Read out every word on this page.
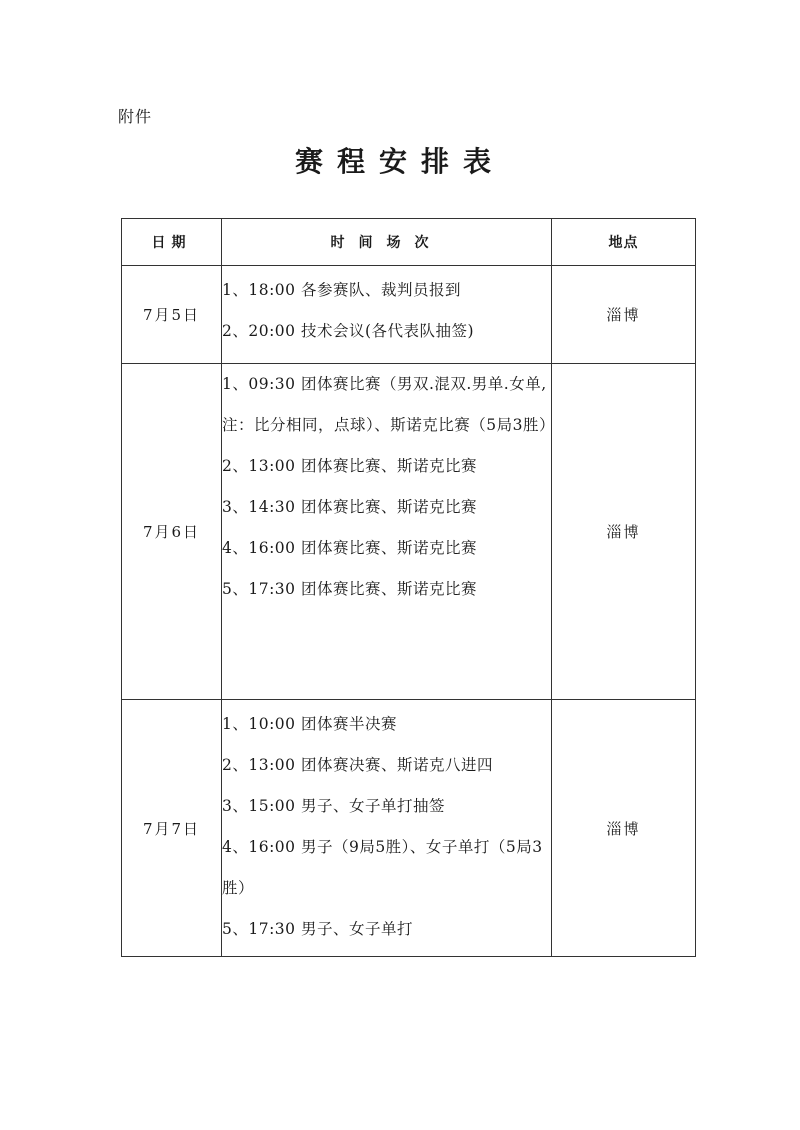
附件
赛程安排表
日期	时间场次	地点
7月5日	1、18:00 各参赛队、裁判员报到
2、20:00 技术会议(各代表队抽签)	淄博
7月6日	1、09:30 团体赛比赛（男双.混双.男单.女单,注：比分相同，点球）、斯诺克比赛（5局3胜）
2、13:00 团体赛比赛、斯诺克比赛
3、14:30 团体赛比赛、斯诺克比赛
4、16:00 团体赛比赛、斯诺克比赛
5、17:30 团体赛比赛、斯诺克比赛	淄博
7月7日	1、10:00 团体赛半决赛
2、13:00 团体赛决赛、斯诺克八进四
3、15:00 男子、女子单打抽签
4、16:00 男子（9局5胜）、女子单打（5局3胜）
5、17:30 男子、女子单打	淄博
